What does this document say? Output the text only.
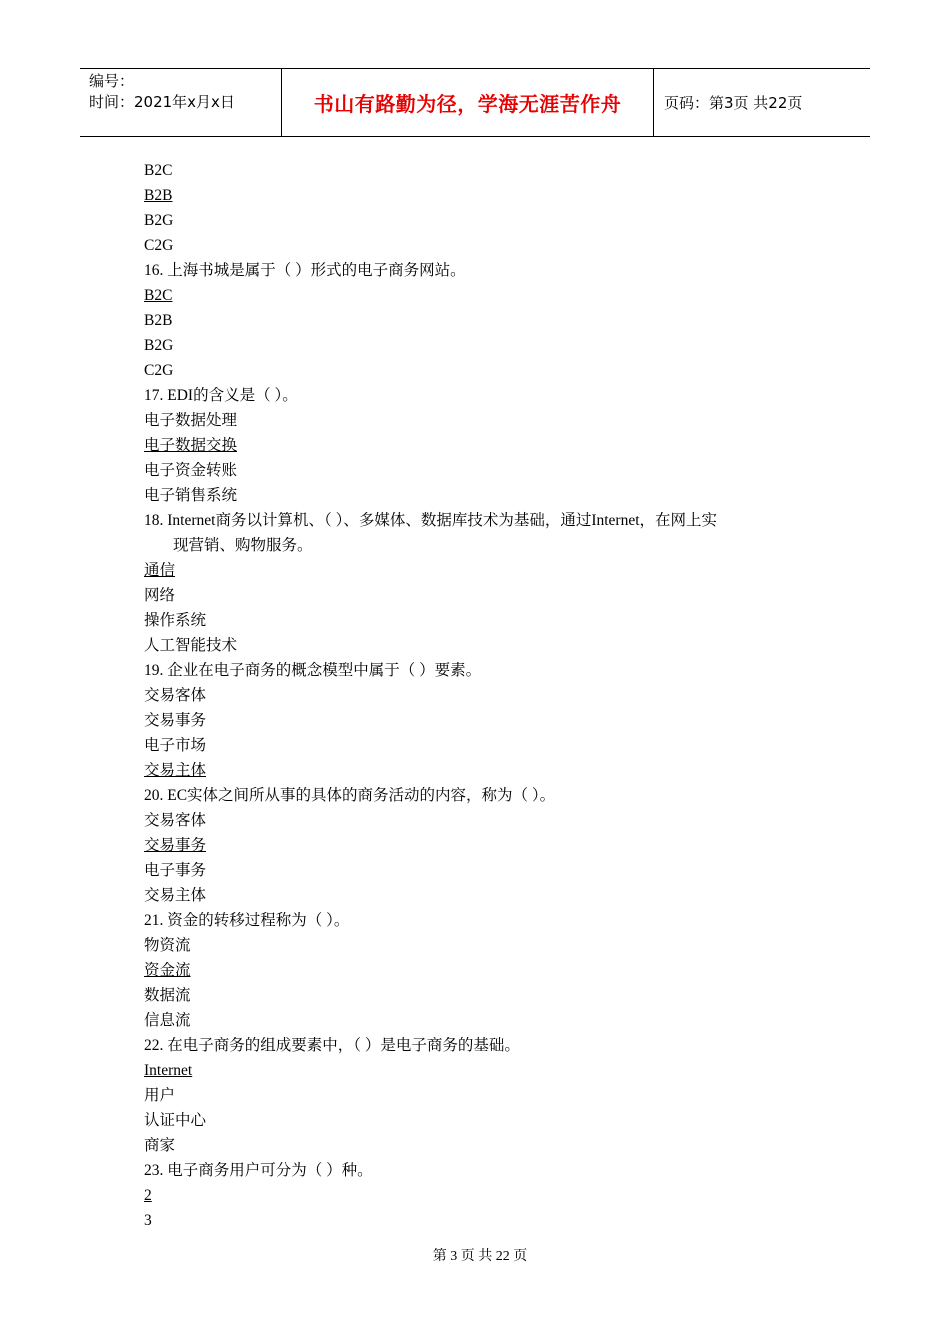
编号：
时间：2021年x月x日	书山有路勤为径，学海无涯苦作舟	页码：第3页 共22页
B2C
B2B
B2G
C2G
16. 上海书城是属于（ ）形式的电子商务网站。
B2C
B2B
B2G
C2G
17. EDI的含义是（ ）。
电子数据处理
电子数据交换
电子资金转账
电子销售系统
18. Internet商务以计算机、（ ）、多媒体、数据库技术为基础，通过Internet，在网上实
现营销、购物服务。
通信
网络
操作系统
人工智能技术
19. 企业在电子商务的概念模型中属于（ ）要素。
交易客体
交易事务
电子市场
交易主体
20. EC实体之间所从事的具体的商务活动的内容，称为（ ）。
交易客体
交易事务
电子事务
交易主体
21. 资金的转移过程称为（ ）。
物资流
资金流
数据流
信息流
22. 在电子商务的组成要素中，（ ）是电子商务的基础。
Internet
用户
认证中心
商家
23. 电子商务用户可分为（ ）种。
2
3
第 3 页 共 22 页
